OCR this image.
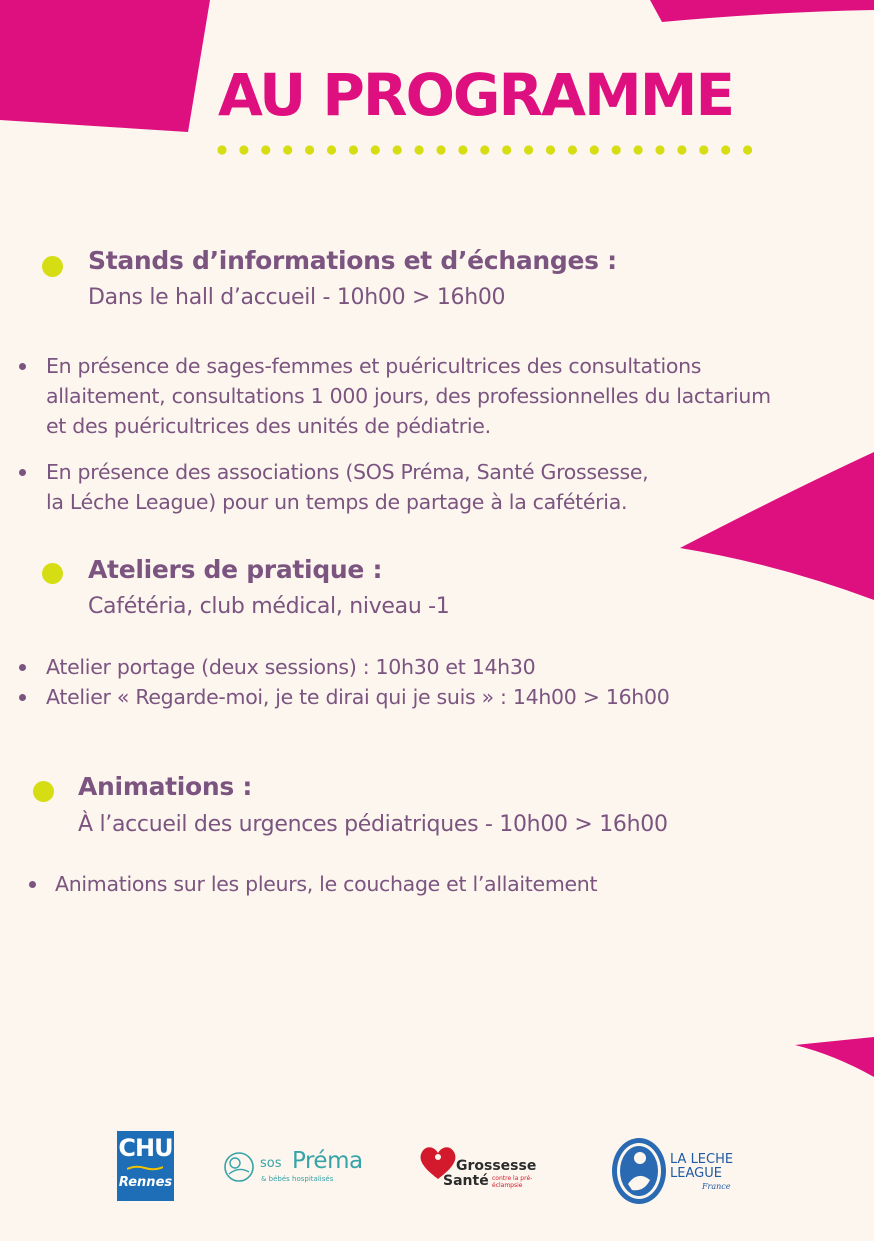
AU PROGRAMME
Stands d’informations et d’échanges :
Dans le hall d’accueil - 10h00 > 16h00
En présence de sages-femmes et puéricultrices des consultations
allaitement, consultations 1 000 jours, des professionnelles du lactarium
et des puéricultrices des unités de pédiatrie.
En présence des associations (SOS Préma, Santé Grossesse,
la Léche League) pour un temps de partage à la cafétéria.
Ateliers de pratique :
Cafétéria, club médical, niveau -1
Atelier portage (deux sessions) : 10h30 et 14h30
Atelier « Regarde-moi, je te dirai qui je suis » : 14h00 > 16h00
Animations :
À l’accueil des urgences pédiatriques - 10h00 > 16h00
Animations sur les pleurs, le couchage et l’allaitement
CHU
Rennes
sos Préma
& bébés hospitalisés
Grossesse
Santé contre la pré-éclampsie
LA LECHE
LEAGUE
France
